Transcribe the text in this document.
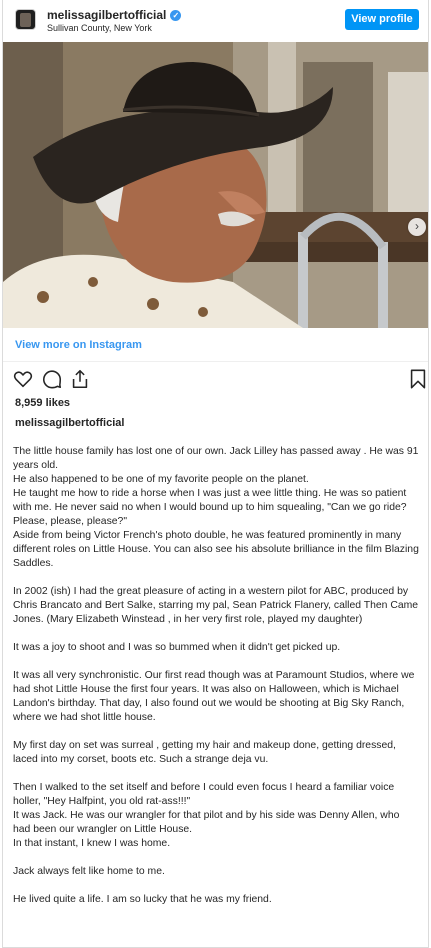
melissagilbertofficial ✓
Sullivan County, New York
View profile
›
View more on Instagram
8,959 likes
melissagilbertofficial

The little house family has lost one of our own. Jack Lilley has passed away . He was 91 years old.
He also happened to be one of my favorite people on the planet.
He taught me how to ride a horse when I was just a wee little thing. He was so patient with me. He never said no when I would bound up to him squealing, "Can we go ride? Please, please, please?"
Aside from being Victor French's photo double, he was featured prominently in many different roles on Little House. You can also see his absolute brilliance in the film Blazing Saddles.

In 2002 (ish) I had the great pleasure of acting in a western pilot for ABC, produced by Chris Brancato and Bert Salke, starring my pal, Sean Patrick Flanery, called Then Came Jones. (Mary Elizabeth Winstead , in her very first role, played my daughter)

It was a joy to shoot and I was so bummed when it didn't get picked up.

It was all very synchronistic. Our first read though was at Paramount Studios, where we had shot Little House the first four years. It was also on Halloween, which is Michael Landon's birthday. That day, I also found out we would be shooting at Big Sky Ranch, where we had shot little house.

My first day on set was surreal , getting my hair and makeup done, getting dressed, laced into my corset, boots etc. Such a strange deja vu.

Then I walked to the set itself and before I could even focus I heard a familiar voice holler, "Hey Halfpint, you old rat-ass!!!"
It was Jack. He was our wrangler for that pilot and by his side was Denny Allen, who had been our wrangler on Little House.
In that instant, I knew I was home.

Jack always felt like home to me.

He lived quite a life. I am so lucky that he was my friend.
